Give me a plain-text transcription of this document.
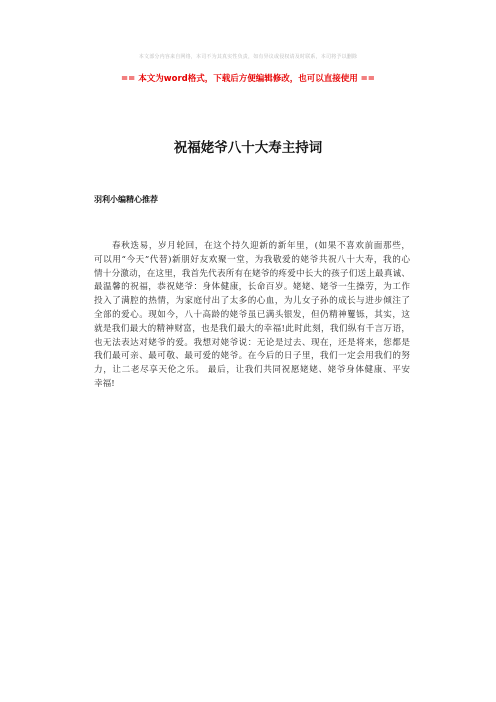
本文部分内容来自网络，本司不为其真实性负责，如有异议或侵权请及时联系，本司将予以删除
== 本文为word格式，下载后方便编辑修改，也可以直接使用 ==
祝福姥爷八十大寿主持词
羽利小编精心推荐
春秋迭易，岁月轮回，在这个持久迎新的新年里，(如果不喜欢前面那些，
可以用“今天”代替)新朋好友欢聚一堂，为我敬爱的姥爷共祝八十大寿，我的心
情十分激动，在这里，我首先代表所有在姥爷的疼爱中长大的孩子们送上最真诚、
最温馨的祝福，恭祝姥爷：身体健康，长命百岁。姥姥、姥爷一生操劳，为工作
投入了满腔的热情，为家庭付出了太多的心血，为儿女子孙的成长与进步倾注了
全部的爱心。现如今，八十高龄的姥爷虽已满头银发，但仍精神矍铄，其实，这
就是我们最大的精神财富，也是我们最大的幸福!此时此刻，我们纵有千言万语，
也无法表达对姥爷的爱。我想对姥爷说：无论是过去、现在，还是将来，您都是
我们最可亲、最可敬、最可爱的姥爷。在今后的日子里，我们一定会用我们的努
力，让二老尽享天伦之乐。 最后，让我们共同祝愿姥姥、姥爷身体健康、平安
幸福!
